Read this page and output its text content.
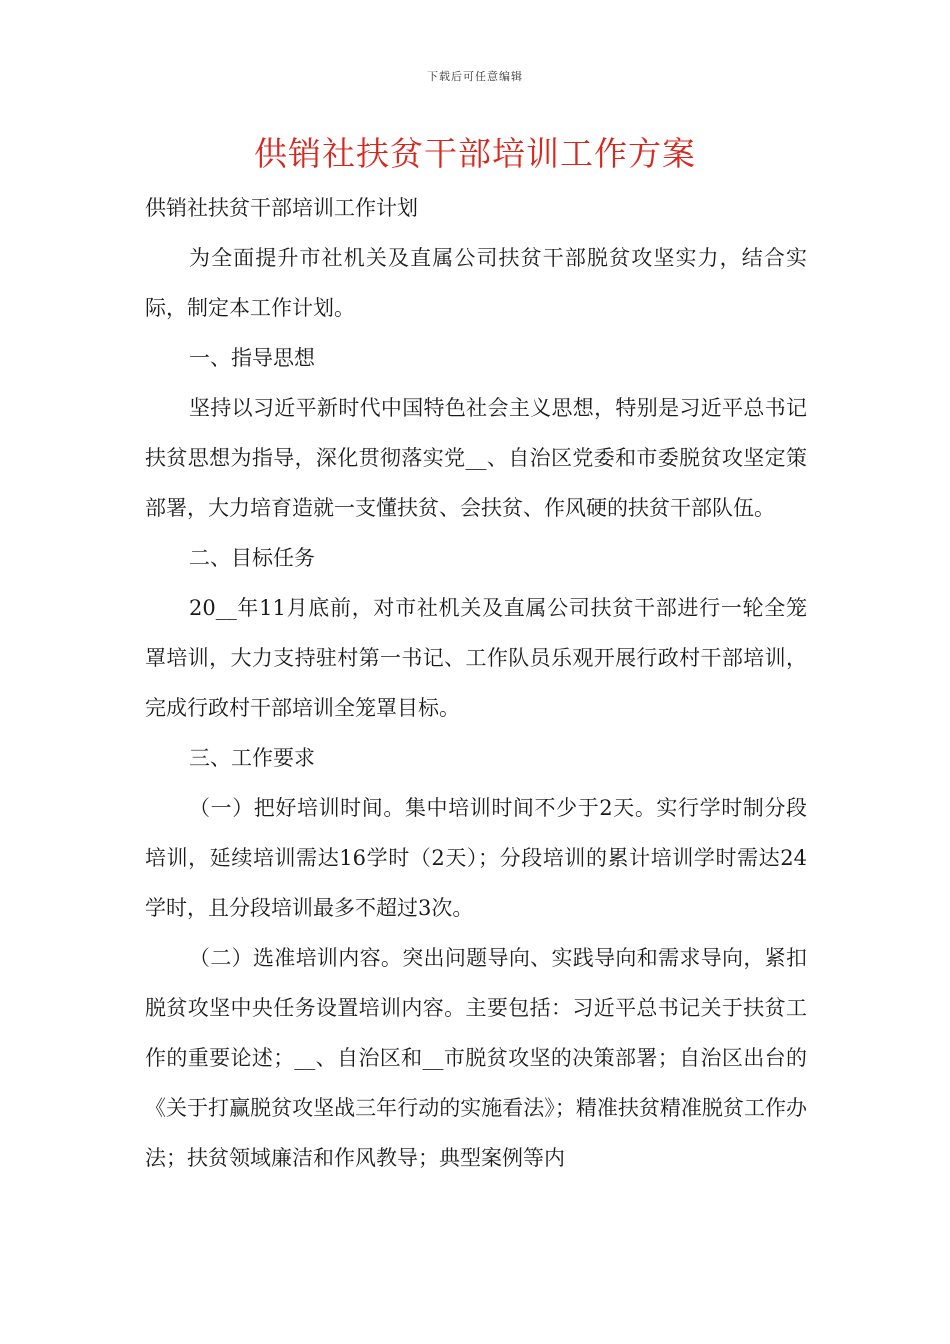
下载后可任意编辑
供销社扶贫干部培训工作方案

供销社扶贫干部培训工作计划

为全面提升市社机关及直属公司扶贫干部脱贫攻坚实力，结合实际，制定本工作计划。

一、指导思想

坚持以习近平新时代中国特色社会主义思想，特别是习近平总书记扶贫思想为指导，深化贯彻落实党__、自治区党委和市委脱贫攻坚定策部署，大力培育造就一支懂扶贫、会扶贫、作风硬的扶贫干部队伍。

二、目标任务

20__年11月底前，对市社机关及直属公司扶贫干部进行一轮全笼罩培训，大力支持驻村第一书记、工作队员乐观开展行政村干部培训，完成行政村干部培训全笼罩目标。

三、工作要求

（一）把好培训时间。集中培训时间不少于2天。实行学时制分段培训，延续培训需达16学时（2天）；分段培训的累计培训学时需达24学时，且分段培训最多不超过3次。

（二）选准培训内容。突出问题导向、实践导向和需求导向，紧扣脱贫攻坚中央任务设置培训内容。主要包括：习近平总书记关于扶贫工作的重要论述；__、自治区和__市脱贫攻坚的决策部署；自治区出台的《关于打赢脱贫攻坚战三年行动的实施看法》；精准扶贫精准脱贫工作办法；扶贫领域廉洁和作风教导；典型案例等内
